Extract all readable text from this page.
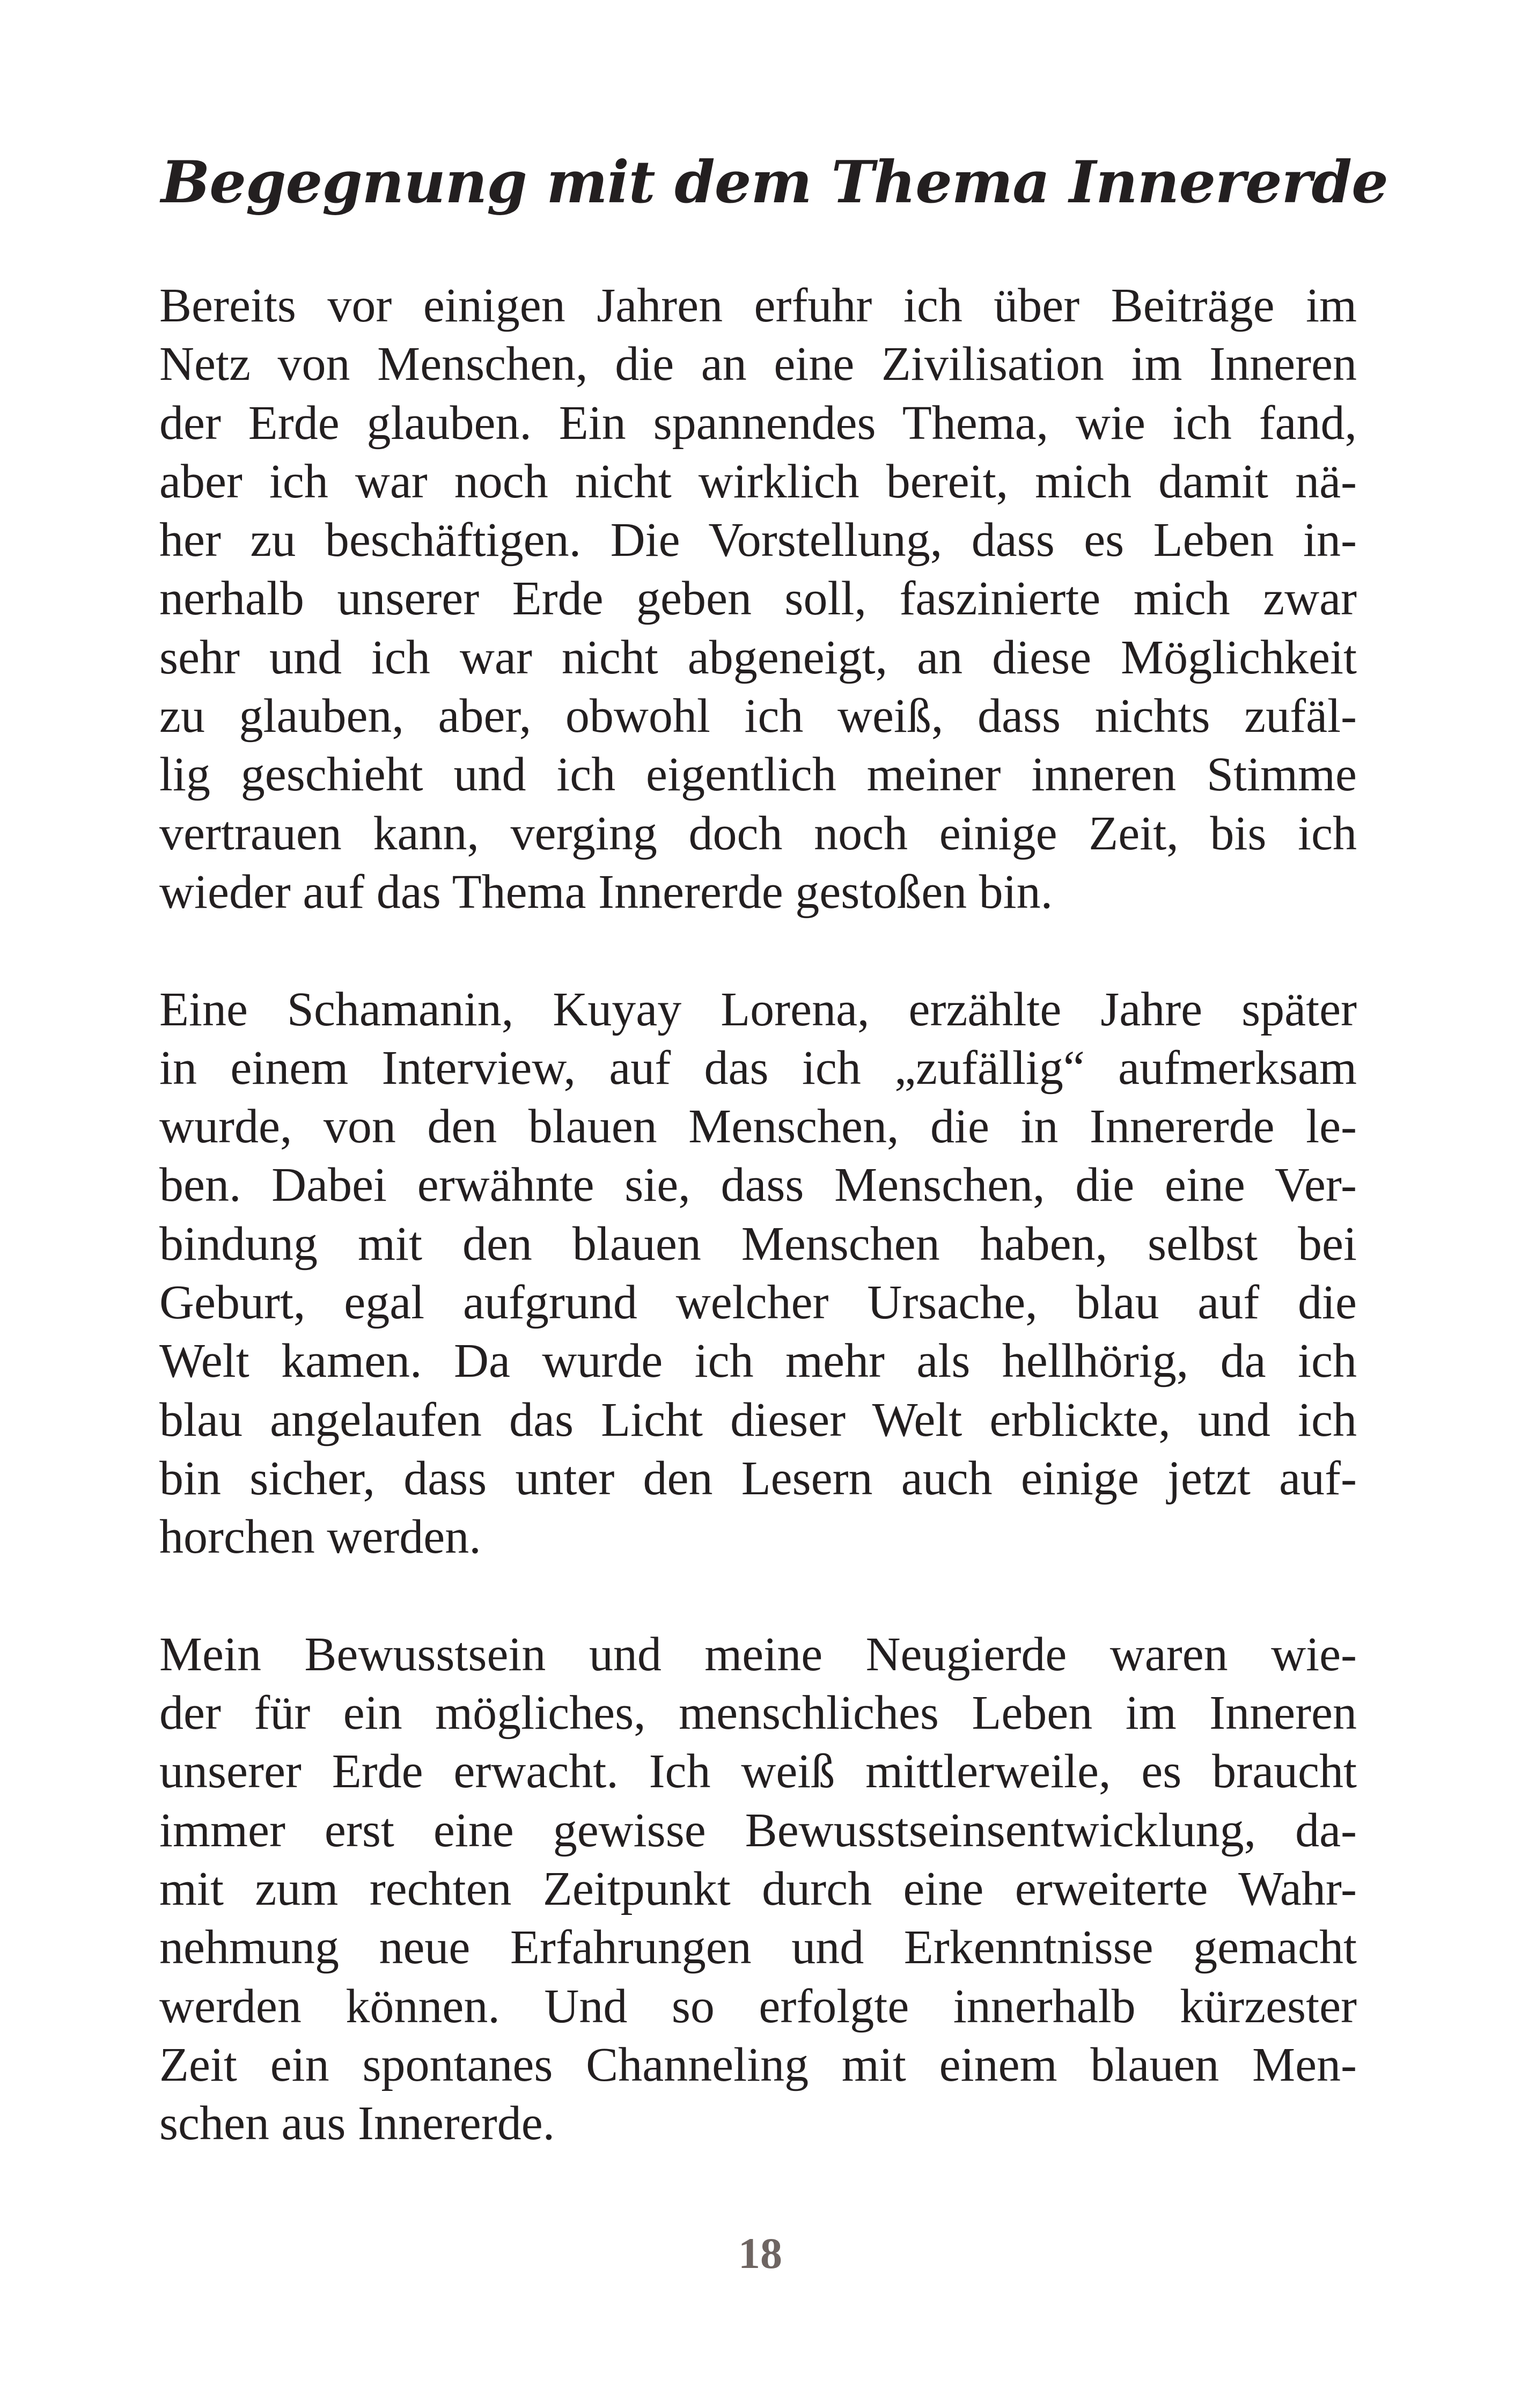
Begegnung mit dem Thema Innererde

Bereits vor einigen Jahren erfuhr ich über Beiträge im
Netz von Menschen, die an eine Zivilisation im Inneren
der Erde glauben. Ein spannendes Thema, wie ich fand,
aber ich war noch nicht wirklich bereit, mich damit nä-
her zu beschäftigen. Die Vorstellung, dass es Leben in-
nerhalb unserer Erde geben soll, faszinierte mich zwar
sehr und ich war nicht abgeneigt, an diese Möglichkeit
zu glauben, aber, obwohl ich weiß, dass nichts zufäl-
lig geschieht und ich eigentlich meiner inneren Stimme
vertrauen kann, verging doch noch einige Zeit, bis ich
wieder auf das Thema Innererde gestoßen bin.

Eine Schamanin, Kuyay Lorena, erzählte Jahre später
in einem Interview, auf das ich „zufällig“ aufmerksam
wurde, von den blauen Menschen, die in Innererde le-
ben. Dabei erwähnte sie, dass Menschen, die eine Ver-
bindung mit den blauen Menschen haben, selbst bei
Geburt, egal aufgrund welcher Ursache, blau auf die
Welt kamen. Da wurde ich mehr als hellhörig, da ich
blau angelaufen das Licht dieser Welt erblickte, und ich
bin sicher, dass unter den Lesern auch einige jetzt auf-
horchen werden.

Mein Bewusstsein und meine Neugierde waren wie-
der für ein mögliches, menschliches Leben im Inneren
unserer Erde erwacht. Ich weiß mittlerweile, es braucht
immer erst eine gewisse Bewusstseinsentwicklung, da-
mit zum rechten Zeitpunkt durch eine erweiterte Wahr-
nehmung neue Erfahrungen und Erkenntnisse gemacht
werden können. Und so erfolgte innerhalb kürzester
Zeit ein spontanes Channeling mit einem blauen Men-
schen aus Innererde.

18
